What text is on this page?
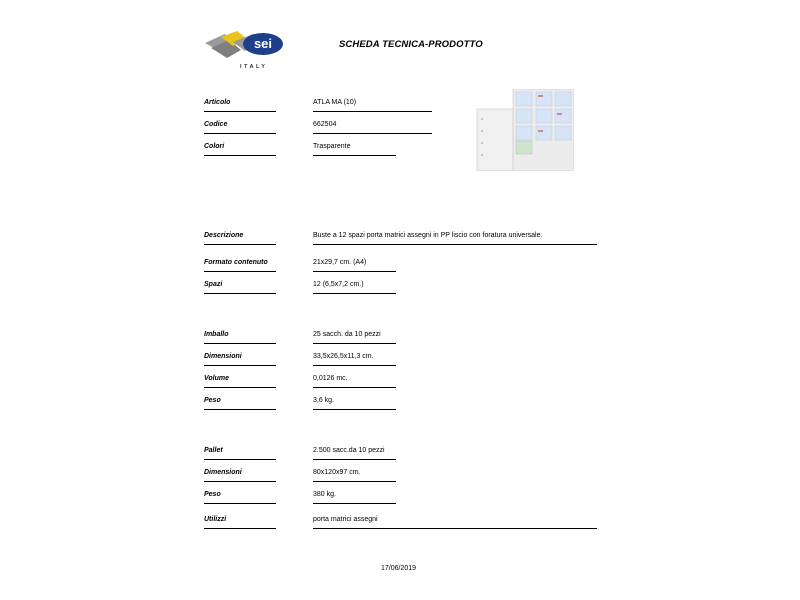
sei
ITALY
SCHEDA TECNICA-PRODOTTO
Articolo	ATLA MA (10)
Codice	662504
Colori	Trasparente
Descrizione	Buste a 12 spazi porta matrici assegni in PP liscio con foratura universale.
Formato contenuto	21x29,7 cm. (A4)
Spazi	12 (6,5x7,2 cm.)
Imballo	25 sacch. da 10 pezzi
Dimensioni	33,5x26,5x11,3 cm.
Volume	0,0126 mc.
Peso	3,6 kg.
Pallet	2.500 sacc.da 10 pezzi
Dimensioni	80x120x97 cm.
Peso	380 kg.
Utilizzi	porta matrici assegni
17/06/2019
